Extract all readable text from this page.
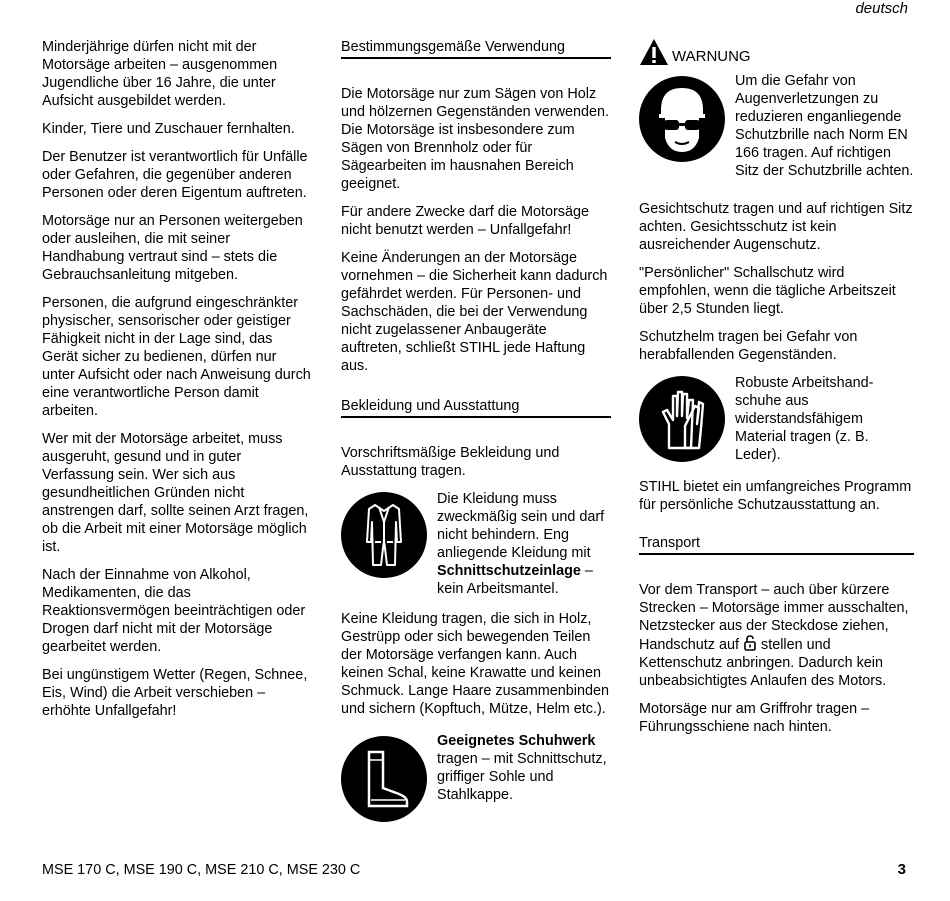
deutsch

Minderjährige dürfen nicht mit der Motorsäge arbeiten – ausgenommen Jugendliche über 16 Jahre, die unter Aufsicht ausgebildet werden.

Kinder, Tiere und Zuschauer fernhalten.

Der Benutzer ist verantwortlich für Unfälle oder Gefahren, die gegenüber anderen Personen oder deren Eigentum auftreten.

Motorsäge nur an Personen weitergeben oder ausleihen, die mit seiner Handhabung vertraut sind – stets die Gebrauchsanleitung mitgeben.

Personen, die aufgrund eingeschränkter physischer, sensorischer oder geistiger Fähigkeit nicht in der Lage sind, das Gerät sicher zu bedienen, dürfen nur unter Aufsicht oder nach Anweisung durch eine verantwortliche Person damit arbeiten.

Wer mit der Motorsäge arbeitet, muss ausgeruht, gesund und in guter Verfassung sein. Wer sich aus gesundheitlichen Gründen nicht anstrengen darf, sollte seinen Arzt fragen, ob die Arbeit mit einer Motorsäge möglich ist.

Nach der Einnahme von Alkohol, Medikamenten, die das Reaktionsvermögen beeinträchtigen oder Drogen darf nicht mit der Motorsäge gearbeitet werden.

Bei ungünstigem Wetter (Regen, Schnee, Eis, Wind) die Arbeit verschieben – erhöhte Unfallgefahr!

Bestimmungsgemäße Verwendung

Die Motorsäge nur zum Sägen von Holz und hölzernen Gegenständen verwenden. Die Motorsäge ist insbesondere zum Sägen von Brennholz oder für Sägearbeiten im hausnahen Bereich geeignet.

Für andere Zwecke darf die Motorsäge nicht benutzt werden – Unfallgefahr!

Keine Änderungen an der Motorsäge vornehmen – die Sicherheit kann dadurch gefährdet werden. Für Personen- und Sachschäden, die bei der Verwendung nicht zugelassener Anbaugeräte auftreten, schließt STIHL jede Haftung aus.

Bekleidung und Ausstattung

Vorschriftsmäßige Bekleidung und Ausstattung tragen.

Die Kleidung muss zweckmäßig sein und darf nicht behindern. Eng anliegende Kleidung mit Schnittschutzeinlage – kein Arbeitsmantel.

Keine Kleidung tragen, die sich in Holz, Gestrüpp oder sich bewegenden Teilen der Motorsäge verfangen kann. Auch keinen Schal, keine Krawatte und keinen Schmuck. Lange Haare zusammenbinden und sichern (Kopftuch, Mütze, Helm etc.).

Geeignetes Schuhwerk
tragen – mit Schnittschutz, griffiger Sohle und Stahlkappe.
WARNUNG
Um die Gefahr von Augenverletzungen zu reduzieren enganliegende Schutzbrille nach Norm EN 166 tragen. Auf richtigen Sitz der Schutzbrille achten.

Gesichtschutz tragen und auf richtigen Sitz achten. Gesichtsschutz ist kein ausreichender Augenschutz.

"Persönlicher" Schallschutz wird empfohlen, wenn die tägliche Arbeitszeit über 2,5 Stunden liegt.

Schutzhelm tragen bei Gefahr von herabfallenden Gegenständen.

Robuste Arbeitshandschuhe aus widerstandsfähigem Material tragen (z. B. Leder).

STIHL bietet ein umfangreiches Programm für persönliche Schutzausstattung an.

Transport

Vor dem Transport – auch über kürzere Strecken – Motorsäge immer ausschalten, Netzstecker aus der Steckdose ziehen, Handschutz auf stellen und Kettenschutz anbringen. Dadurch kein unbeabsichtigtes Anlaufen des Motors.

Motorsäge nur am Griffrohr tragen – Führungsschiene nach hinten.

MSE 170 C, MSE 190 C, MSE 210 C, MSE 230 C	3
